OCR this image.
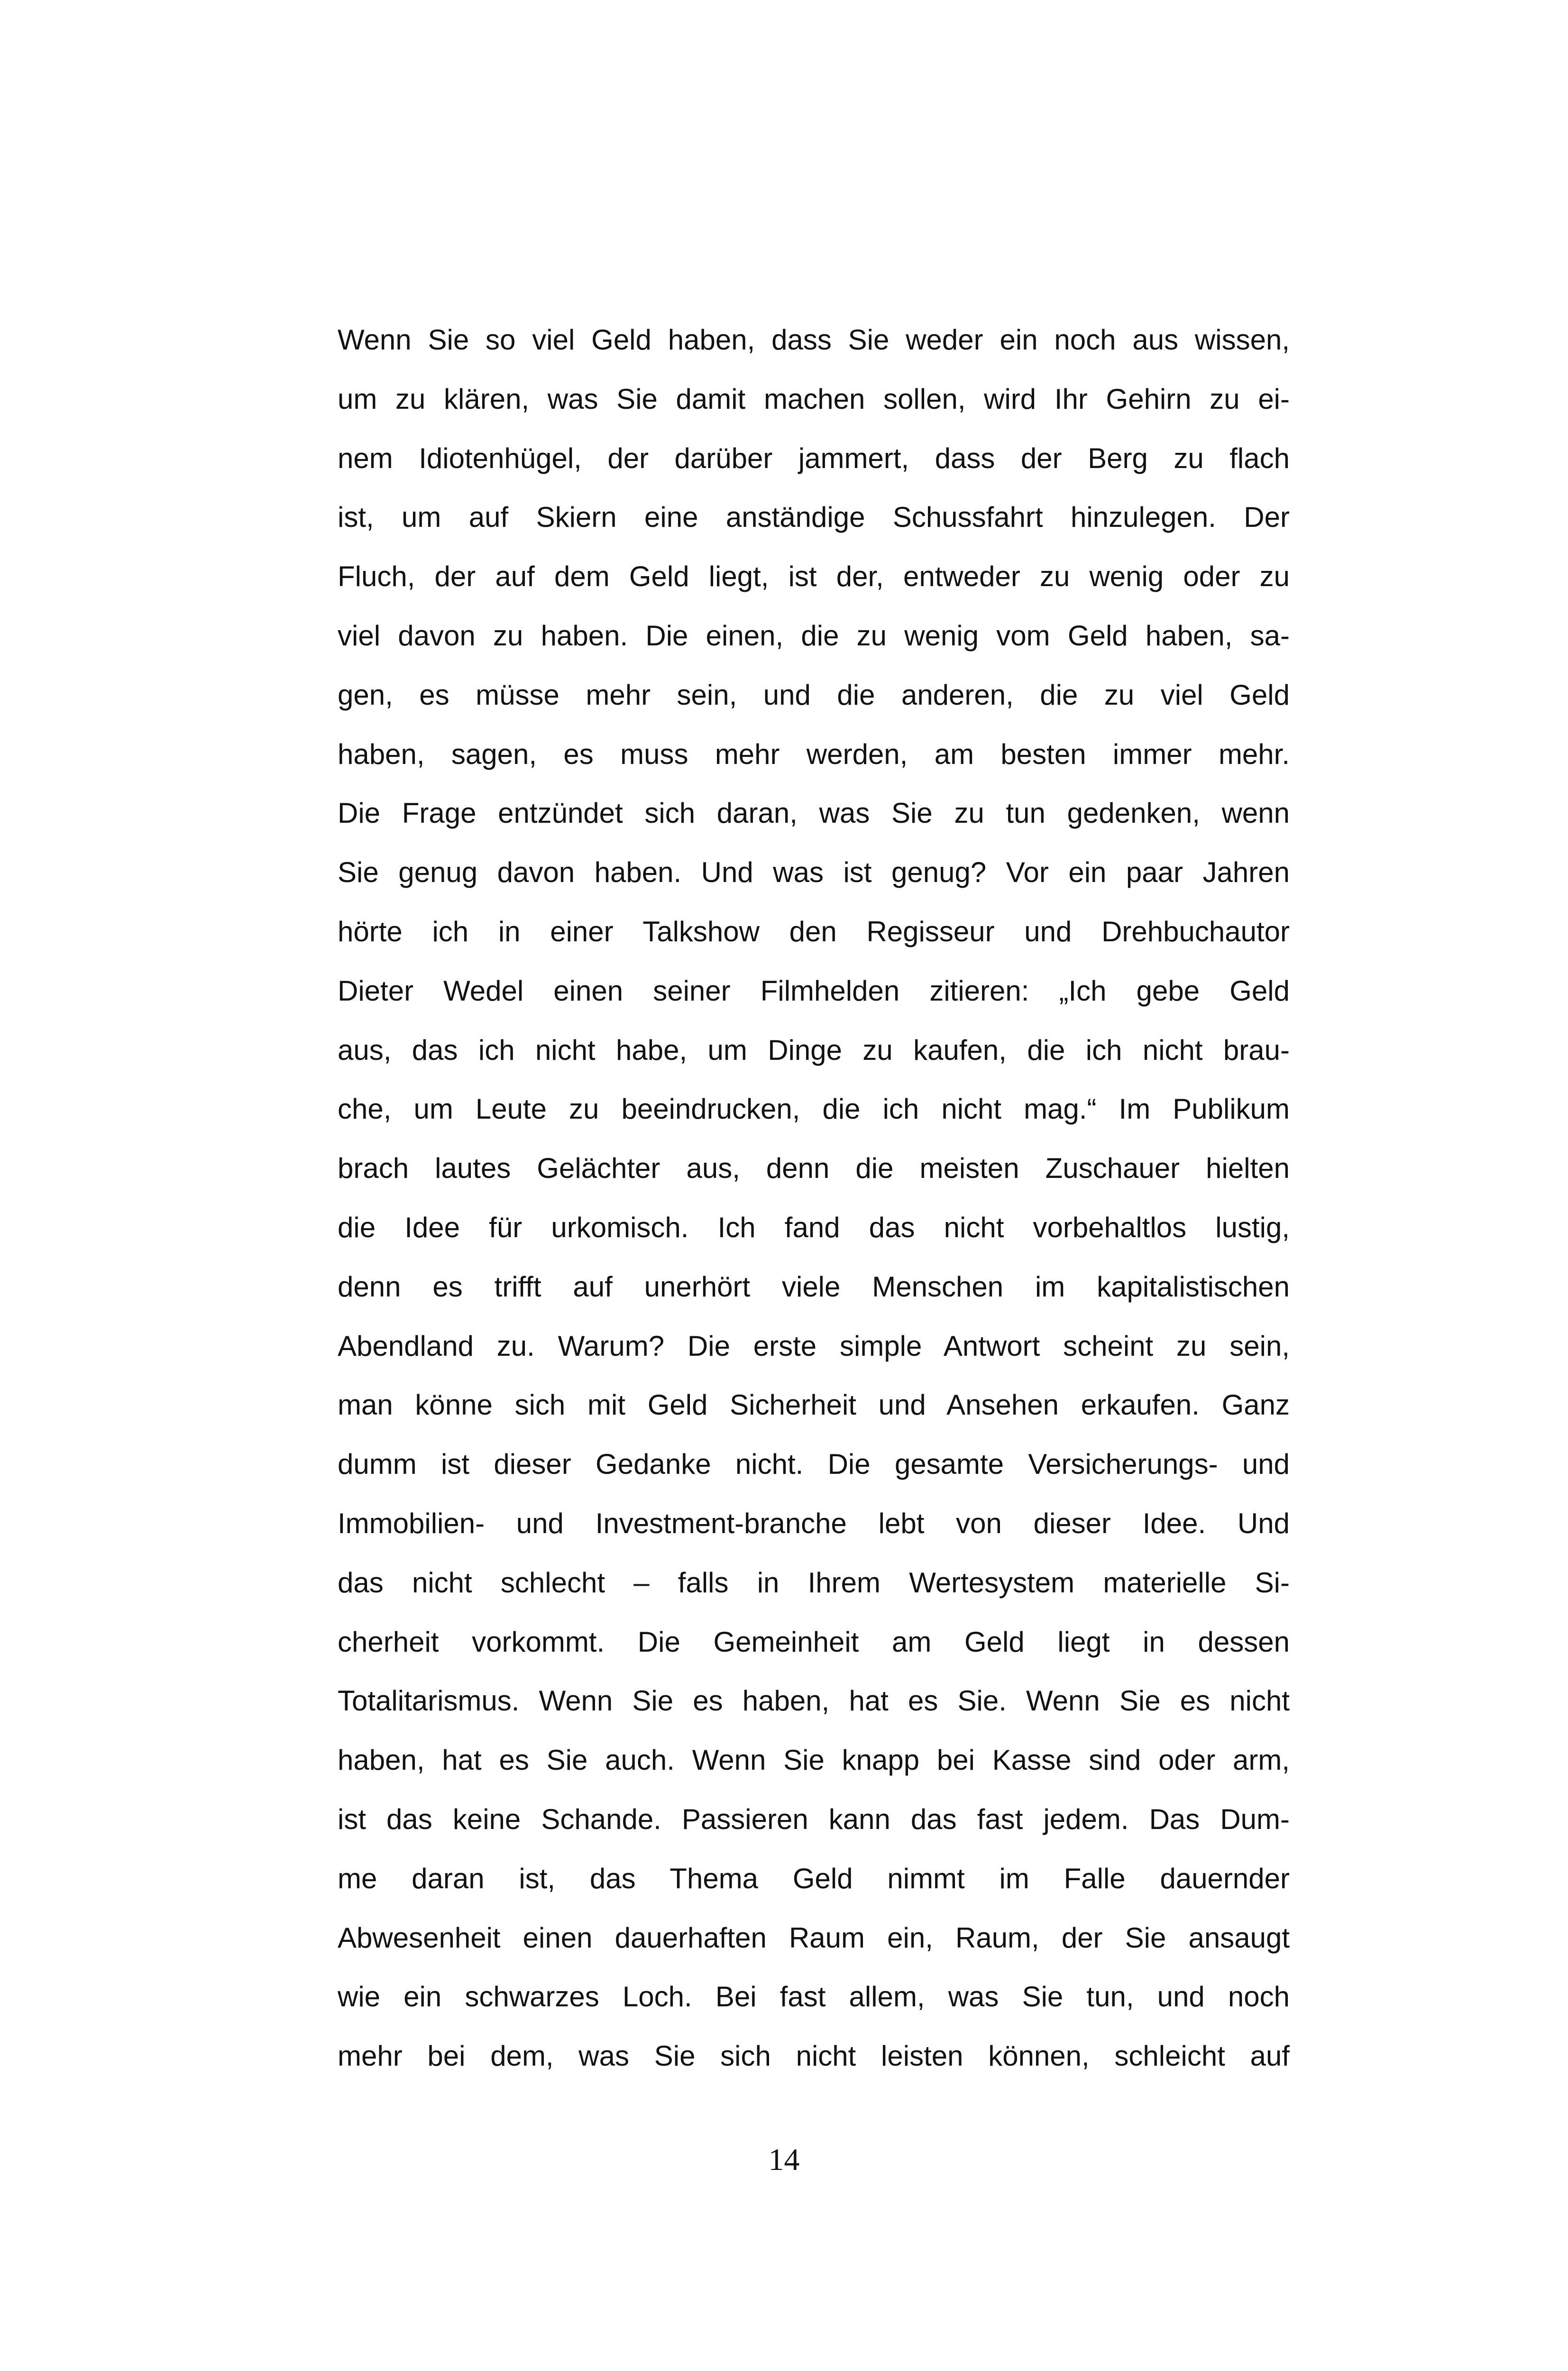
Wenn Sie so viel Geld haben, dass Sie weder ein noch aus wissen,
um zu klären, was Sie damit machen sollen, wird Ihr Gehirn zu ei-
nem Idiotenhügel, der darüber jammert, dass der Berg zu flach
ist, um auf Skiern eine anständige Schussfahrt hinzulegen. Der
Fluch, der auf dem Geld liegt, ist der, entweder zu wenig oder zu
viel davon zu haben. Die einen, die zu wenig vom Geld haben, sa-
gen, es müsse mehr sein, und die anderen, die zu viel Geld
haben, sagen, es muss mehr werden, am besten immer mehr.
Die Frage entzündet sich daran, was Sie zu tun gedenken, wenn
Sie genug davon haben. Und was ist genug? Vor ein paar Jahren
hörte ich in einer Talkshow den Regisseur und Drehbuchautor
Dieter Wedel einen seiner Filmhelden zitieren: „Ich gebe Geld
aus, das ich nicht habe, um Dinge zu kaufen, die ich nicht brau-
che, um Leute zu beeindrucken, die ich nicht mag.“ Im Publikum
brach lautes Gelächter aus, denn die meisten Zuschauer hielten
die Idee für urkomisch. Ich fand das nicht vorbehaltlos lustig,
denn es trifft auf unerhört viele Menschen im kapitalistischen
Abendland zu. Warum? Die erste simple Antwort scheint zu sein,
man könne sich mit Geld Sicherheit und Ansehen erkaufen. Ganz
dumm ist dieser Gedanke nicht. Die gesamte Versicherungs- und
Immobilien- und Investment-branche lebt von dieser Idee. Und
das nicht schlecht – falls in Ihrem Wertesystem materielle Si-
cherheit vorkommt. Die Gemeinheit am Geld liegt in dessen
Totalitarismus. Wenn Sie es haben, hat es Sie. Wenn Sie es nicht
haben, hat es Sie auch. Wenn Sie knapp bei Kasse sind oder arm,
ist das keine Schande. Passieren kann das fast jedem. Das Dum-
me daran ist, das Thema Geld nimmt im Falle dauernder
Abwesenheit einen dauerhaften Raum ein, Raum, der Sie ansaugt
wie ein schwarzes Loch. Bei fast allem, was Sie tun, und noch
mehr bei dem, was Sie sich nicht leisten können, schleicht auf
14
